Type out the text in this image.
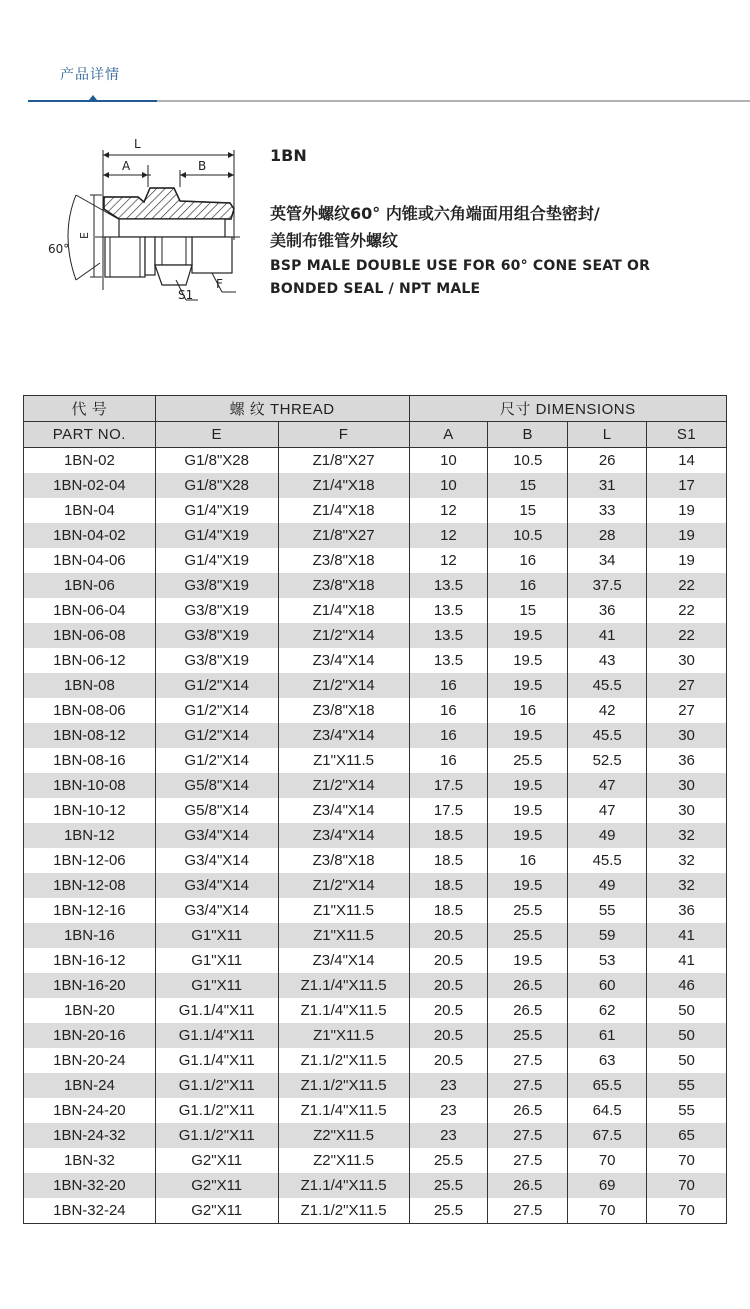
产品详情
L
A	B
E
F
S1
60°
1BN
英管外螺纹60° 内锥或六角端面用组合垫密封/
美制布锥管外螺纹
BSP MALE DOUBLE USE FOR 60° CONE SEAT OR
BONDED SEAL / NPT MALE
代 号	螺 纹 THREAD		尺寸 DIMENSIONS			
PART NO.	E	F	A	B	L	S1
1BN-02	G1/8"X28	Z1/8"X27	10	10.5	26	14
1BN-02-04	G1/8"X28	Z1/4"X18	10	15	31	17
1BN-04	G1/4"X19	Z1/4"X18	12	15	33	19
1BN-04-02	G1/4"X19	Z1/8"X27	12	10.5	28	19
1BN-04-06	G1/4"X19	Z3/8"X18	12	16	34	19
1BN-06	G3/8"X19	Z3/8"X18	13.5	16	37.5	22
1BN-06-04	G3/8"X19	Z1/4"X18	13.5	15	36	22
1BN-06-08	G3/8"X19	Z1/2"X14	13.5	19.5	41	22
1BN-06-12	G3/8"X19	Z3/4"X14	13.5	19.5	43	30
1BN-08	G1/2"X14	Z1/2"X14	16	19.5	45.5	27
1BN-08-06	G1/2"X14	Z3/8"X18	16	16	42	27
1BN-08-12	G1/2"X14	Z3/4"X14	16	19.5	45.5	30
1BN-08-16	G1/2"X14	Z1"X11.5	16	25.5	52.5	36
1BN-10-08	G5/8"X14	Z1/2"X14	17.5	19.5	47	30
1BN-10-12	G5/8"X14	Z3/4"X14	17.5	19.5	47	30
1BN-12	G3/4"X14	Z3/4"X14	18.5	19.5	49	32
1BN-12-06	G3/4"X14	Z3/8"X18	18.5	16	45.5	32
1BN-12-08	G3/4"X14	Z1/2"X14	18.5	19.5	49	32
1BN-12-16	G3/4"X14	Z1"X11.5	18.5	25.5	55	36
1BN-16	G1"X11	Z1"X11.5	20.5	25.5	59	41
1BN-16-12	G1"X11	Z3/4"X14	20.5	19.5	53	41
1BN-16-20	G1"X11	Z1.1/4"X11.5	20.5	26.5	60	46
1BN-20	G1.1/4"X11	Z1.1/4"X11.5	20.5	26.5	62	50
1BN-20-16	G1.1/4"X11	Z1"X11.5	20.5	25.5	61	50
1BN-20-24	G1.1/4"X11	Z1.1/2"X11.5	20.5	27.5	63	50
1BN-24	G1.1/2"X11	Z1.1/2"X11.5	23	27.5	65.5	55
1BN-24-20	G1.1/2"X11	Z1.1/4"X11.5	23	26.5	64.5	55
1BN-24-32	G1.1/2"X11	Z2"X11.5	23	27.5	67.5	65
1BN-32	G2"X11	Z2"X11.5	25.5	27.5	70	70
1BN-32-20	G2"X11	Z1.1/4"X11.5	25.5	26.5	69	70
1BN-32-24	G2"X11	Z1.1/2"X11.5	25.5	27.5	70	70
